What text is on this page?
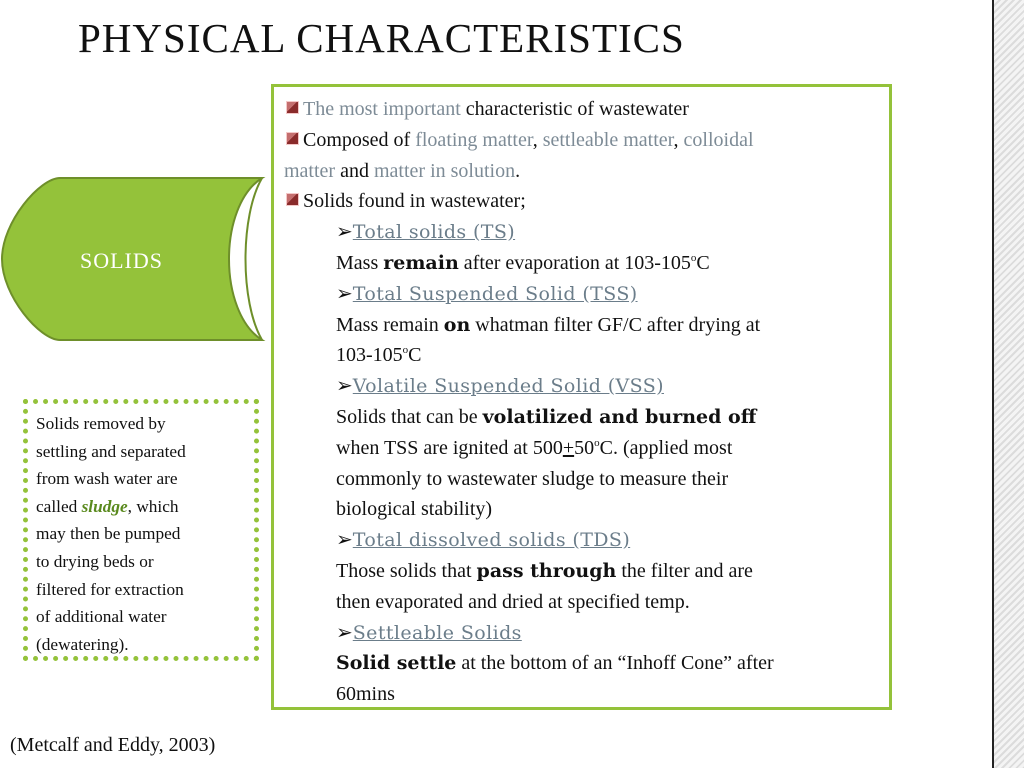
PHYSICAL CHARACTERISTICS
SOLIDS
The most important characteristic of wastewater
Composed of floating matter, settleable matter, colloidal
matter and matter in solution.
Solids found in wastewater;
➢Total solids (TS)
Mass remain after evaporation at 103-105$^o$C
➢Total Suspended Solid (TSS)
Mass remain on whatman filter GF/C after drying at
103-105$^o$C
➢Volatile Suspended Solid (VSS)
Solids that can be volatilized and burned off
when TSS are ignited at $500+50^oC$. (applied most
commonly to wastewater sludge to measure their
biological stability)
➢Total dissolved solids (TDS)
Those solids that pass through the filter and are
then evaporated and dried at specified temp.
➢Settleable Solids
Solid settle at the bottom of an “Inhoff Cone” after
60mins
Solids removed by
settling and separated
from wash water are
called sludge, which
may then be pumped
to drying beds or
filtered for extraction
of additional water
(dewatering).
(Metcalf and Eddy, 2003)
